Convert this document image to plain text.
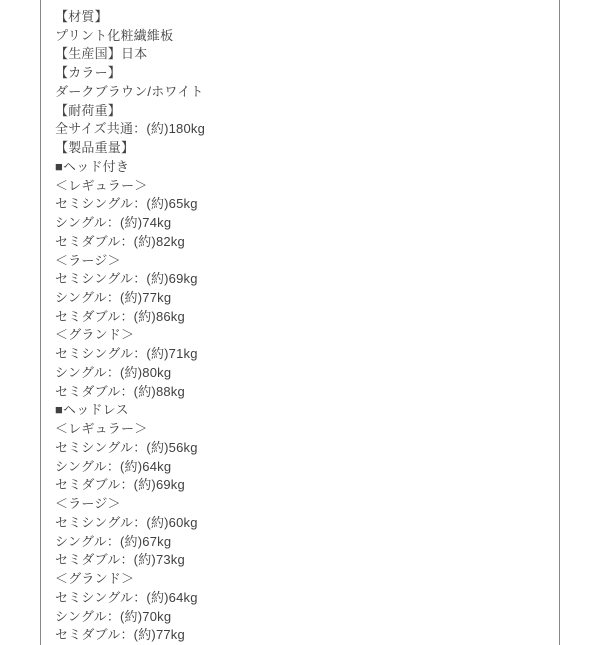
【材質】

プリント化粧繊維板

【生産国】日本

【カラー】

ダークブラウン/ホワイト

【耐荷重】

全サイズ共通：(約)180kg

【製品重量】

■ヘッド付き

＜レギュラー＞

セミシングル：(約)65kg

シングル：(約)74kg

セミダブル：(約)82kg

＜ラージ＞

セミシングル：(約)69kg

シングル：(約)77kg

セミダブル：(約)86kg

＜グランド＞

セミシングル：(約)71kg

シングル：(約)80kg

セミダブル：(約)88kg

■ヘッドレス

＜レギュラー＞

セミシングル：(約)56kg

シングル：(約)64kg

セミダブル：(約)69kg

＜ラージ＞

セミシングル：(約)60kg

シングル：(約)67kg

セミダブル：(約)73kg

＜グランド＞

セミシングル：(約)64kg

シングル：(約)70kg

セミダブル：(約)77kg
